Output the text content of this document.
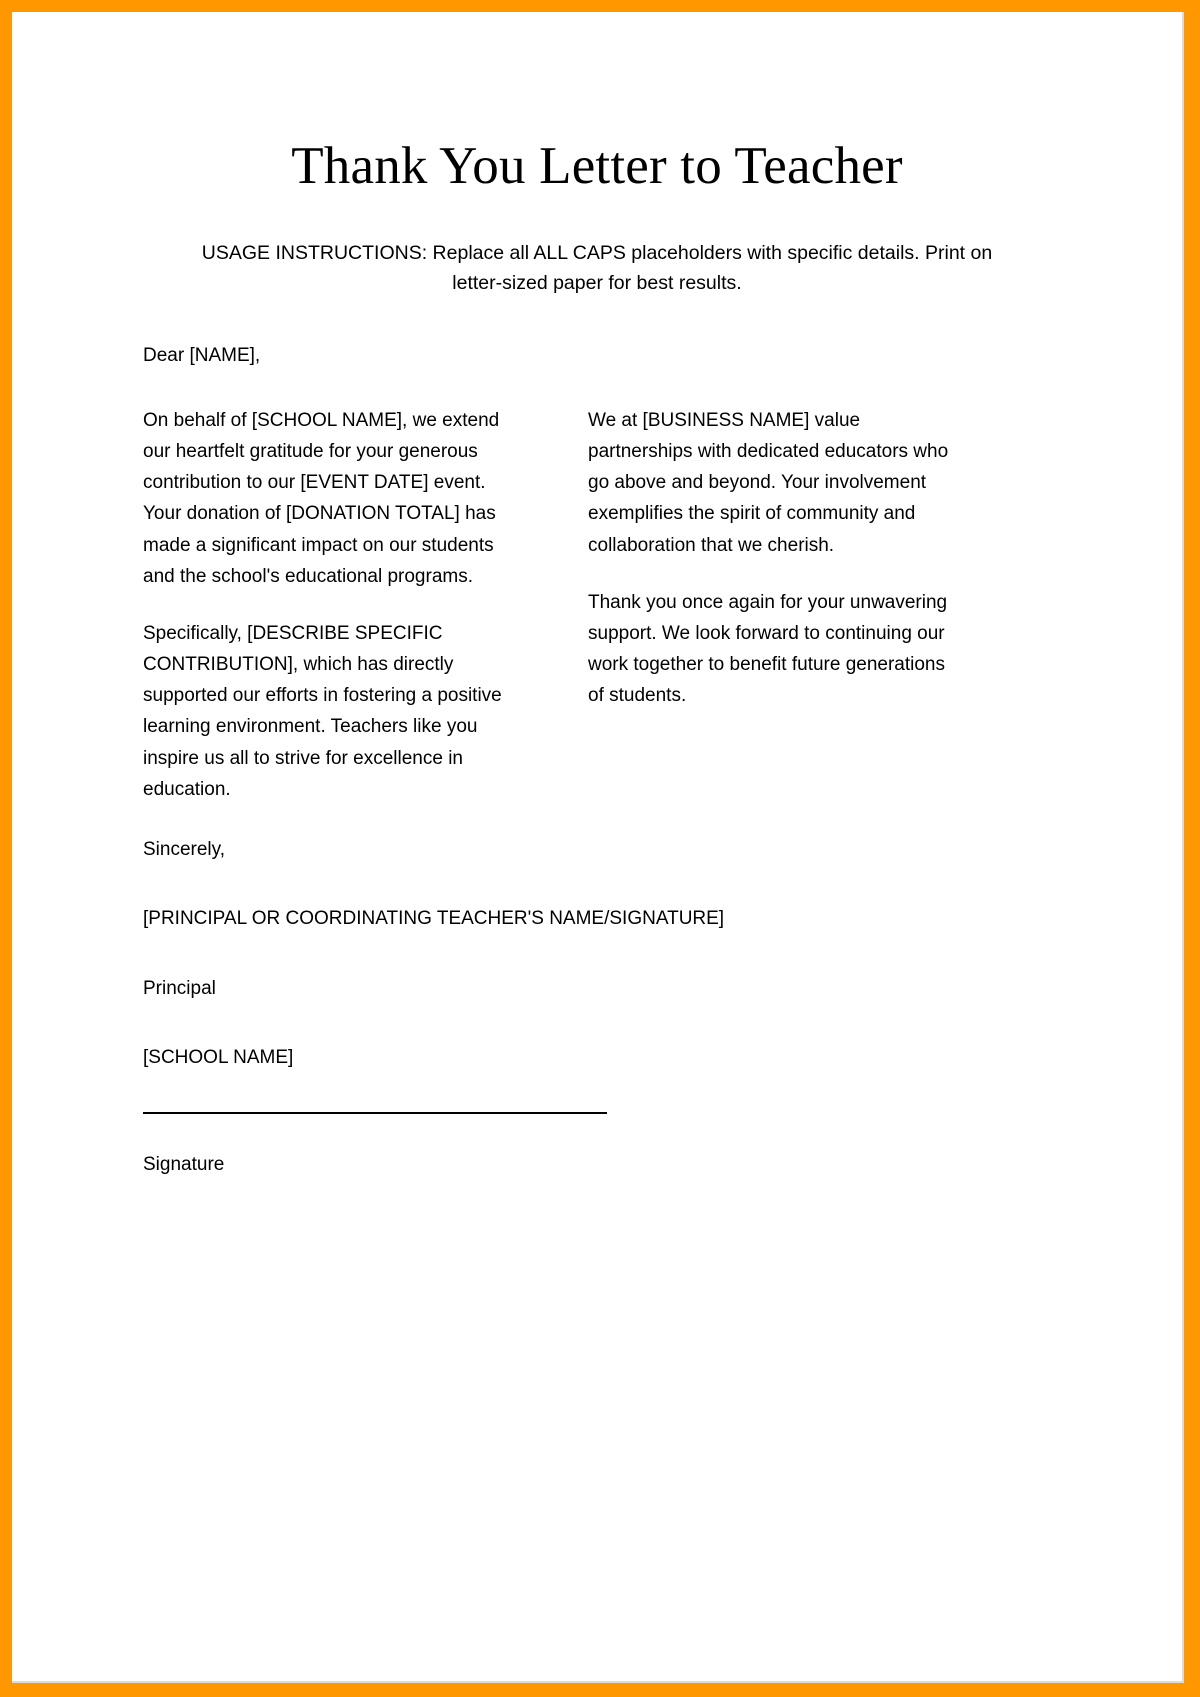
Thank You Letter to Teacher
USAGE INSTRUCTIONS: Replace all ALL CAPS placeholders with specific details. Print on letter-sized paper for best results.

Dear [NAME],

On behalf of [SCHOOL NAME], we extend our heartfelt gratitude for your generous contribution to our [EVENT DATE] event. Your donation of [DONATION TOTAL] has made a significant impact on our students and the school's educational programs.

Specifically, [DESCRIBE SPECIFIC CONTRIBUTION], which has directly supported our efforts in fostering a positive learning environment. Teachers like you inspire us all to strive for excellence in education.

We at [BUSINESS NAME] value partnerships with dedicated educators who go above and beyond. Your involvement exemplifies the spirit of community and collaboration that we cherish.

Thank you once again for your unwavering support. We look forward to continuing our work together to benefit future generations of students.

Sincerely,

[PRINCIPAL OR COORDINATING TEACHER'S NAME/SIGNATURE]

Principal

[SCHOOL NAME]

Signature
